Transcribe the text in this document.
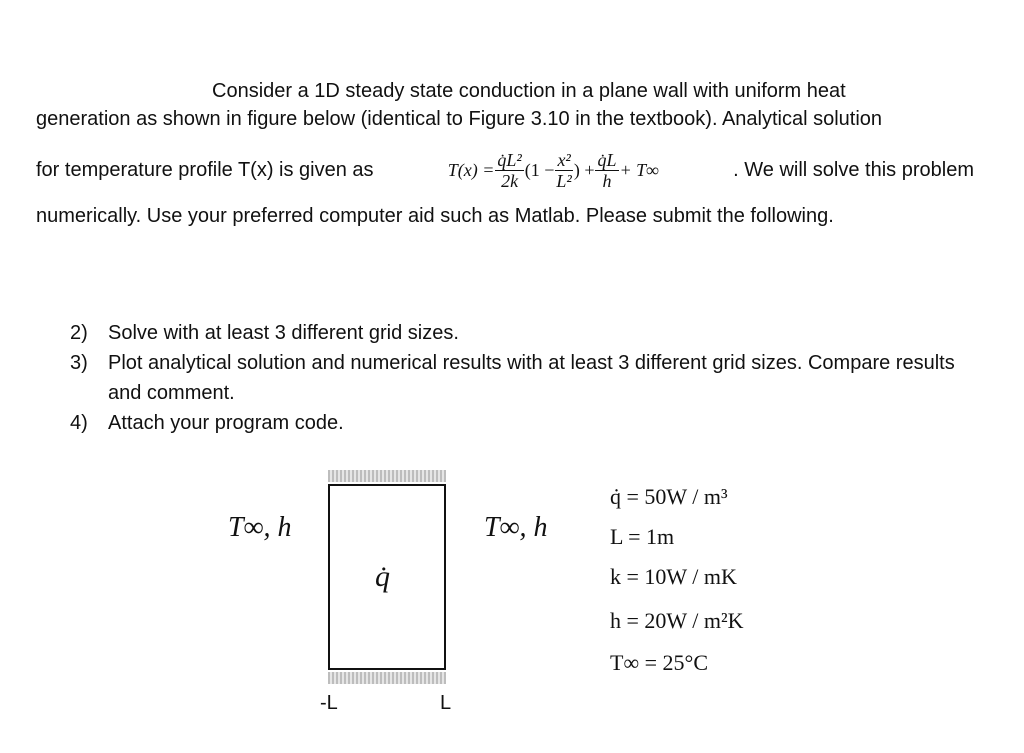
Consider a 1D steady state conduction in a plane wall with uniform heat
generation as shown in figure below (identical to Figure 3.10 in the textbook). Analytical solution
for temperature profile T(x) is given as	$T(x) = \frac{\text{q̇L²}}{2k} (1 - \frac{\text{x²}}{\text{L²}}$ ) + $\frac{q̇L}{h} + T\infty$	. We will solve this problem
numerically. Use your preferred computer aid such as Matlab. Please submit the following.
2)	Solve with at least 3 different grid sizes.
3)	Plot analytical solution and numerical results with at least 3 different grid sizes. Compare results and comment.
4)	Attach your program code.
T∞, h	T∞, h
q̇
-L	L
q̇ = 50W / m³
L = 1m
k = 10W / mK
h = 20W / m²K
T∞ = 25°C
